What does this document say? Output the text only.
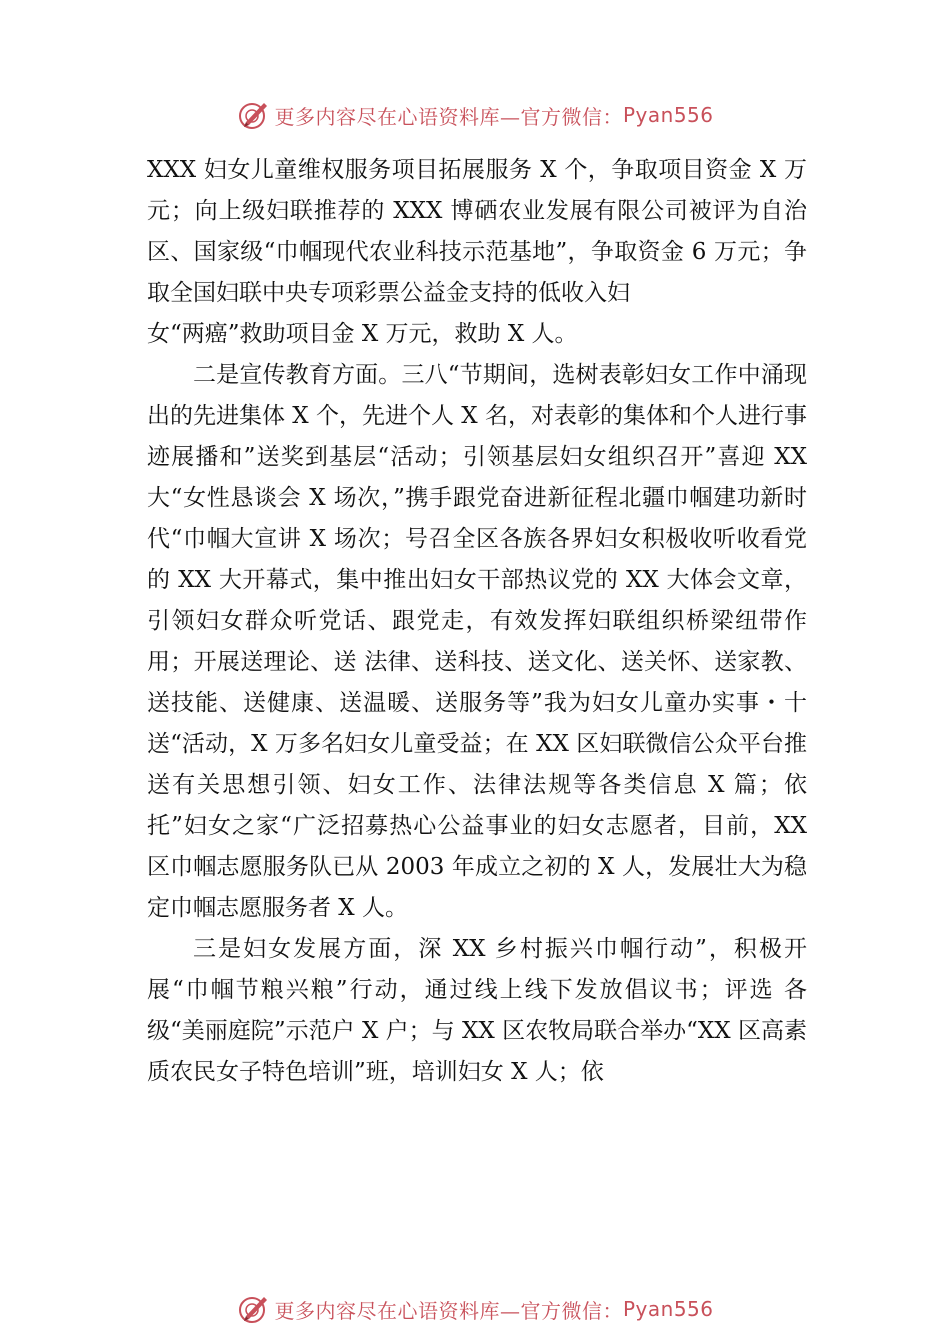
更多内容尽在心语资料库—官方微信： Pyan556

XXX 妇女儿童维权服务项目拓展服务 X 个，争取项目资金 X 万元；向上级妇联推荐的 XXX 博硒农业发展有限公司被评为自治区、国家级“巾帼现代农业科技示范基地”，争取资金 6 万元；争取全国妇联中央专项彩票公益金支持的低收入妇

女“两癌”救助项目金 X 万元，救助 X 人。

二是宣传教育方面。三八“节期间，选树表彰妇女工作中涌现出的先进集体 X 个，先进个人 X 名，对表彰的集体和个人进行事迹展播和”送奖到基层“活动；引领基层妇女组织召开”喜迎 XX 大“女性恳谈会 X 场次，”携手跟党奋进新征程北疆巾帼建功新时代“巾帼大宣讲 X 场次；号召全区各族各界妇女积极收听收看党的 XX 大开幕式，集中推出妇女干部热议党的 XX 大体会文章，引领妇女群众听党话、跟党走，有效发挥妇联组织桥梁纽带作用；开展送理论、送 法律、送科技、送文化、送关怀、送家教、送技能、送健康、送温暖、送服务等”我为妇女儿童办实事・十送“活动，X 万多名妇女儿童受益；在 XX 区妇联微信公众平台推送有关思想引领、妇女工作、法律法规等各类信息 X 篇；依托”妇女之家“广泛招募热心公益事业的妇女志愿者，目前，XX 区巾帼志愿服务队已从 2003 年成立之初的 X 人，发展壮大为稳定巾帼志愿服务者 X 人。

三是妇女发展方面，深 XX 乡村振兴巾帼行动”，积极开展“巾帼节粮兴粮”行动，通过线上线下发放倡议书；评选 各级“美丽庭院”示范户 X 户；与 XX 区农牧局联合举办“XX 区高素质农民女子特色培训”班，培训妇女 X 人；依

更多内容尽在心语资料库—官方微信： Pyan556
